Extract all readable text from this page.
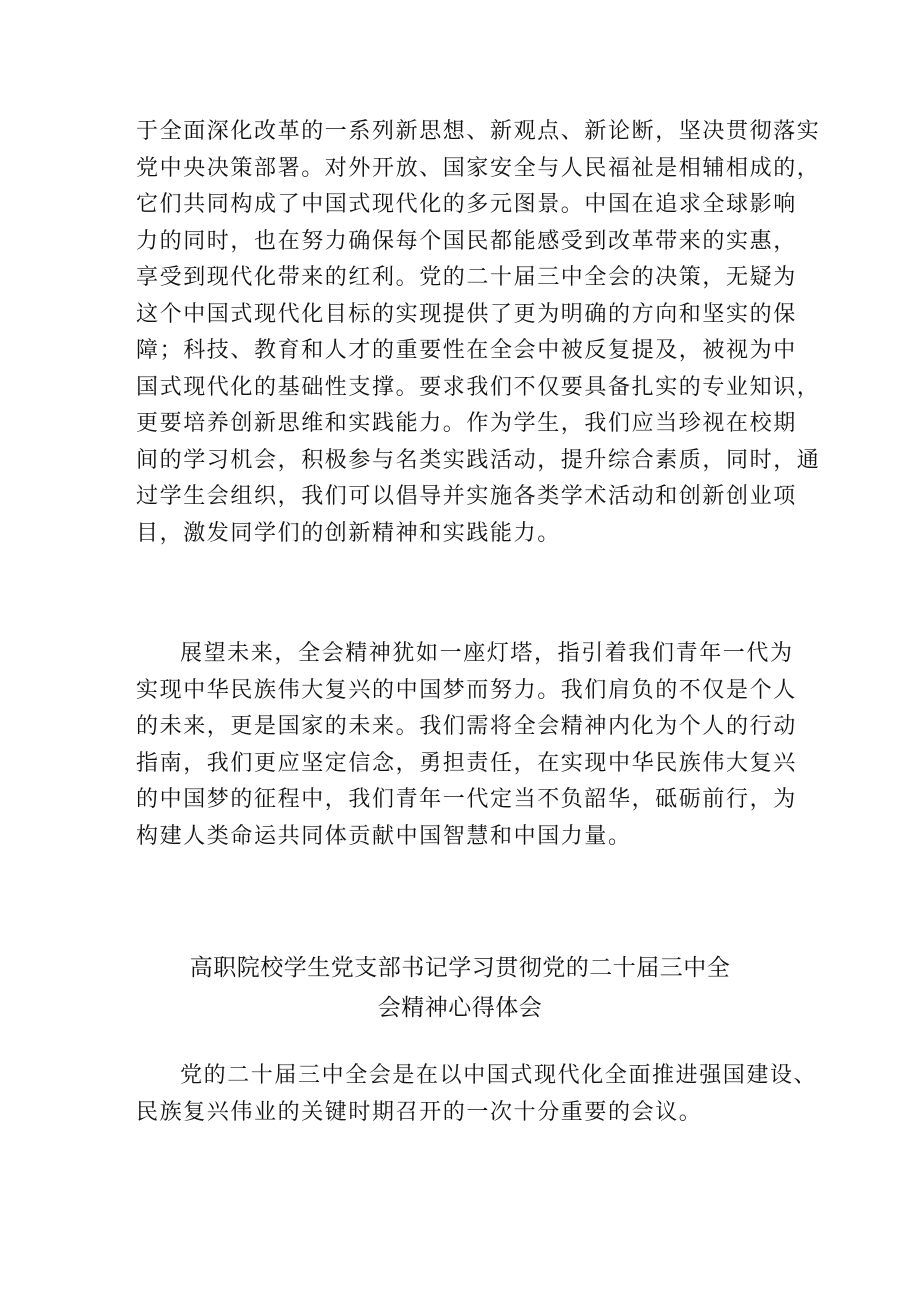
于全面深化改革的一系列新思想、新观点、新论断，坚决贯彻落实
党中央决策部署。对外开放、国家安全与人民福祉是相辅相成的，
它们共同构成了中国式现代化的多元图景。中国在追求全球影响
力的同时，也在努力确保每个国民都能感受到改革带来的实惠，
享受到现代化带来的红利。党的二十届三中全会的决策，无疑为
这个中国式现代化目标的实现提供了更为明确的方向和坚实的保
障；科技、教育和人才的重要性在全会中被反复提及，被视为中
国式现代化的基础性支撑。要求我们不仅要具备扎实的专业知识，
更要培养创新思维和实践能力。作为学生，我们应当珍视在校期
间的学习机会，积极参与名类实践活动，提升综合素质，同时，通
过学生会组织，我们可以倡导并实施各类学术活动和创新创业项
目，激发同学们的创新精神和实践能力。
展望未来，全会精神犹如一座灯塔，指引着我们青年一代为
实现中华民族伟大复兴的中国梦而努力。我们肩负的不仅是个人
的未来，更是国家的未来。我们需将全会精神内化为个人的行动
指南，我们更应坚定信念，勇担责任，在实现中华民族伟大复兴
的中国梦的征程中，我们青年一代定当不负韶华，砥砺前行，为
构建人类命运共同体贡献中国智慧和中国力量。
高职院校学生党支部书记学习贯彻党的二十届三中全
会精神心得体会
党的二十届三中全会是在以中国式现代化全面推进强国建设、
民族复兴伟业的关键时期召开的一次十分重要的会议。
